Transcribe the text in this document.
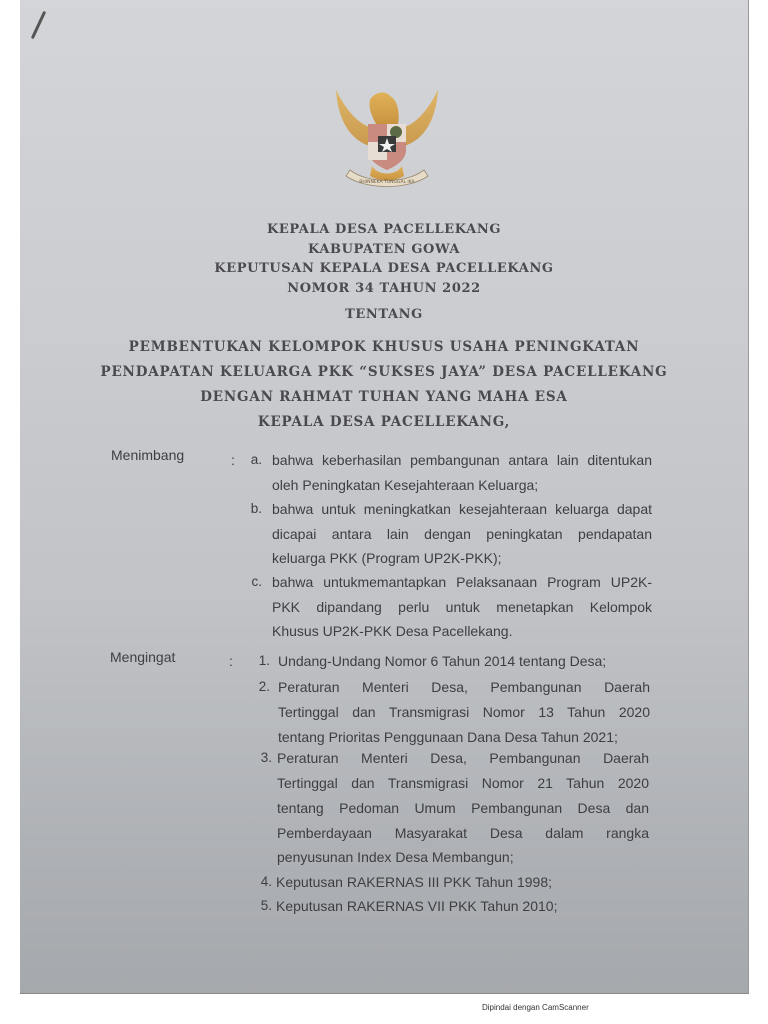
BHINNEKA TUNGGAL IKA
KEPALA DESA PACELLEKANG
KABUPATEN GOWA
KEPUTUSAN KEPALA DESA PACELLEKANG
NOMOR 34 TAHUN 2022
TENTANG
PEMBENTUKAN KELOMPOK KHUSUS USAHA PENINGKATAN
PENDAPATAN KELUARGA PKK “SUKSES JAYA” DESA PACELLEKANG
DENGAN RAHMAT TUHAN YANG MAHA ESA
KEPALA DESA PACELLEKANG,
Menimbang	:	a. bahwa keberhasilan pembangunan antara lain ditentukan
oleh Peningkatan Kesejahteraan Keluarga;
b. bahwa untuk meningkatkan kesejahteraan keluarga dapat
dicapai antara lain dengan peningkatan pendapatan
keluarga PKK (Program UP2K-PKK);
c. bahwa untukmemantapkan Pelaksanaan Program UP2K-
PKK dipandang perlu untuk menetapkan Kelompok
Khusus UP2K-PKK Desa Pacellekang.
Mengingat	:	1. Undang-Undang Nomor 6 Tahun 2014 tentang Desa;
2. Peraturan Menteri Desa, Pembangunan Daerah
Tertinggal dan Transmigrasi Nomor 13 Tahun 2020
tentang Prioritas Penggunaan Dana Desa Tahun 2021;
3. Peraturan Menteri Desa, Pembangunan Daerah
Tertinggal dan Transmigrasi Nomor 21 Tahun 2020
tentang Pedoman Umum Pembangunan Desa dan
Pemberdayaan Masyarakat Desa dalam rangka
penyusunan Index Desa Membangun;
4. Keputusan RAKERNAS III PKK Tahun 1998;
5. Keputusan RAKERNAS VII PKK Tahun 2010;
Dipindai dengan CamScanner
